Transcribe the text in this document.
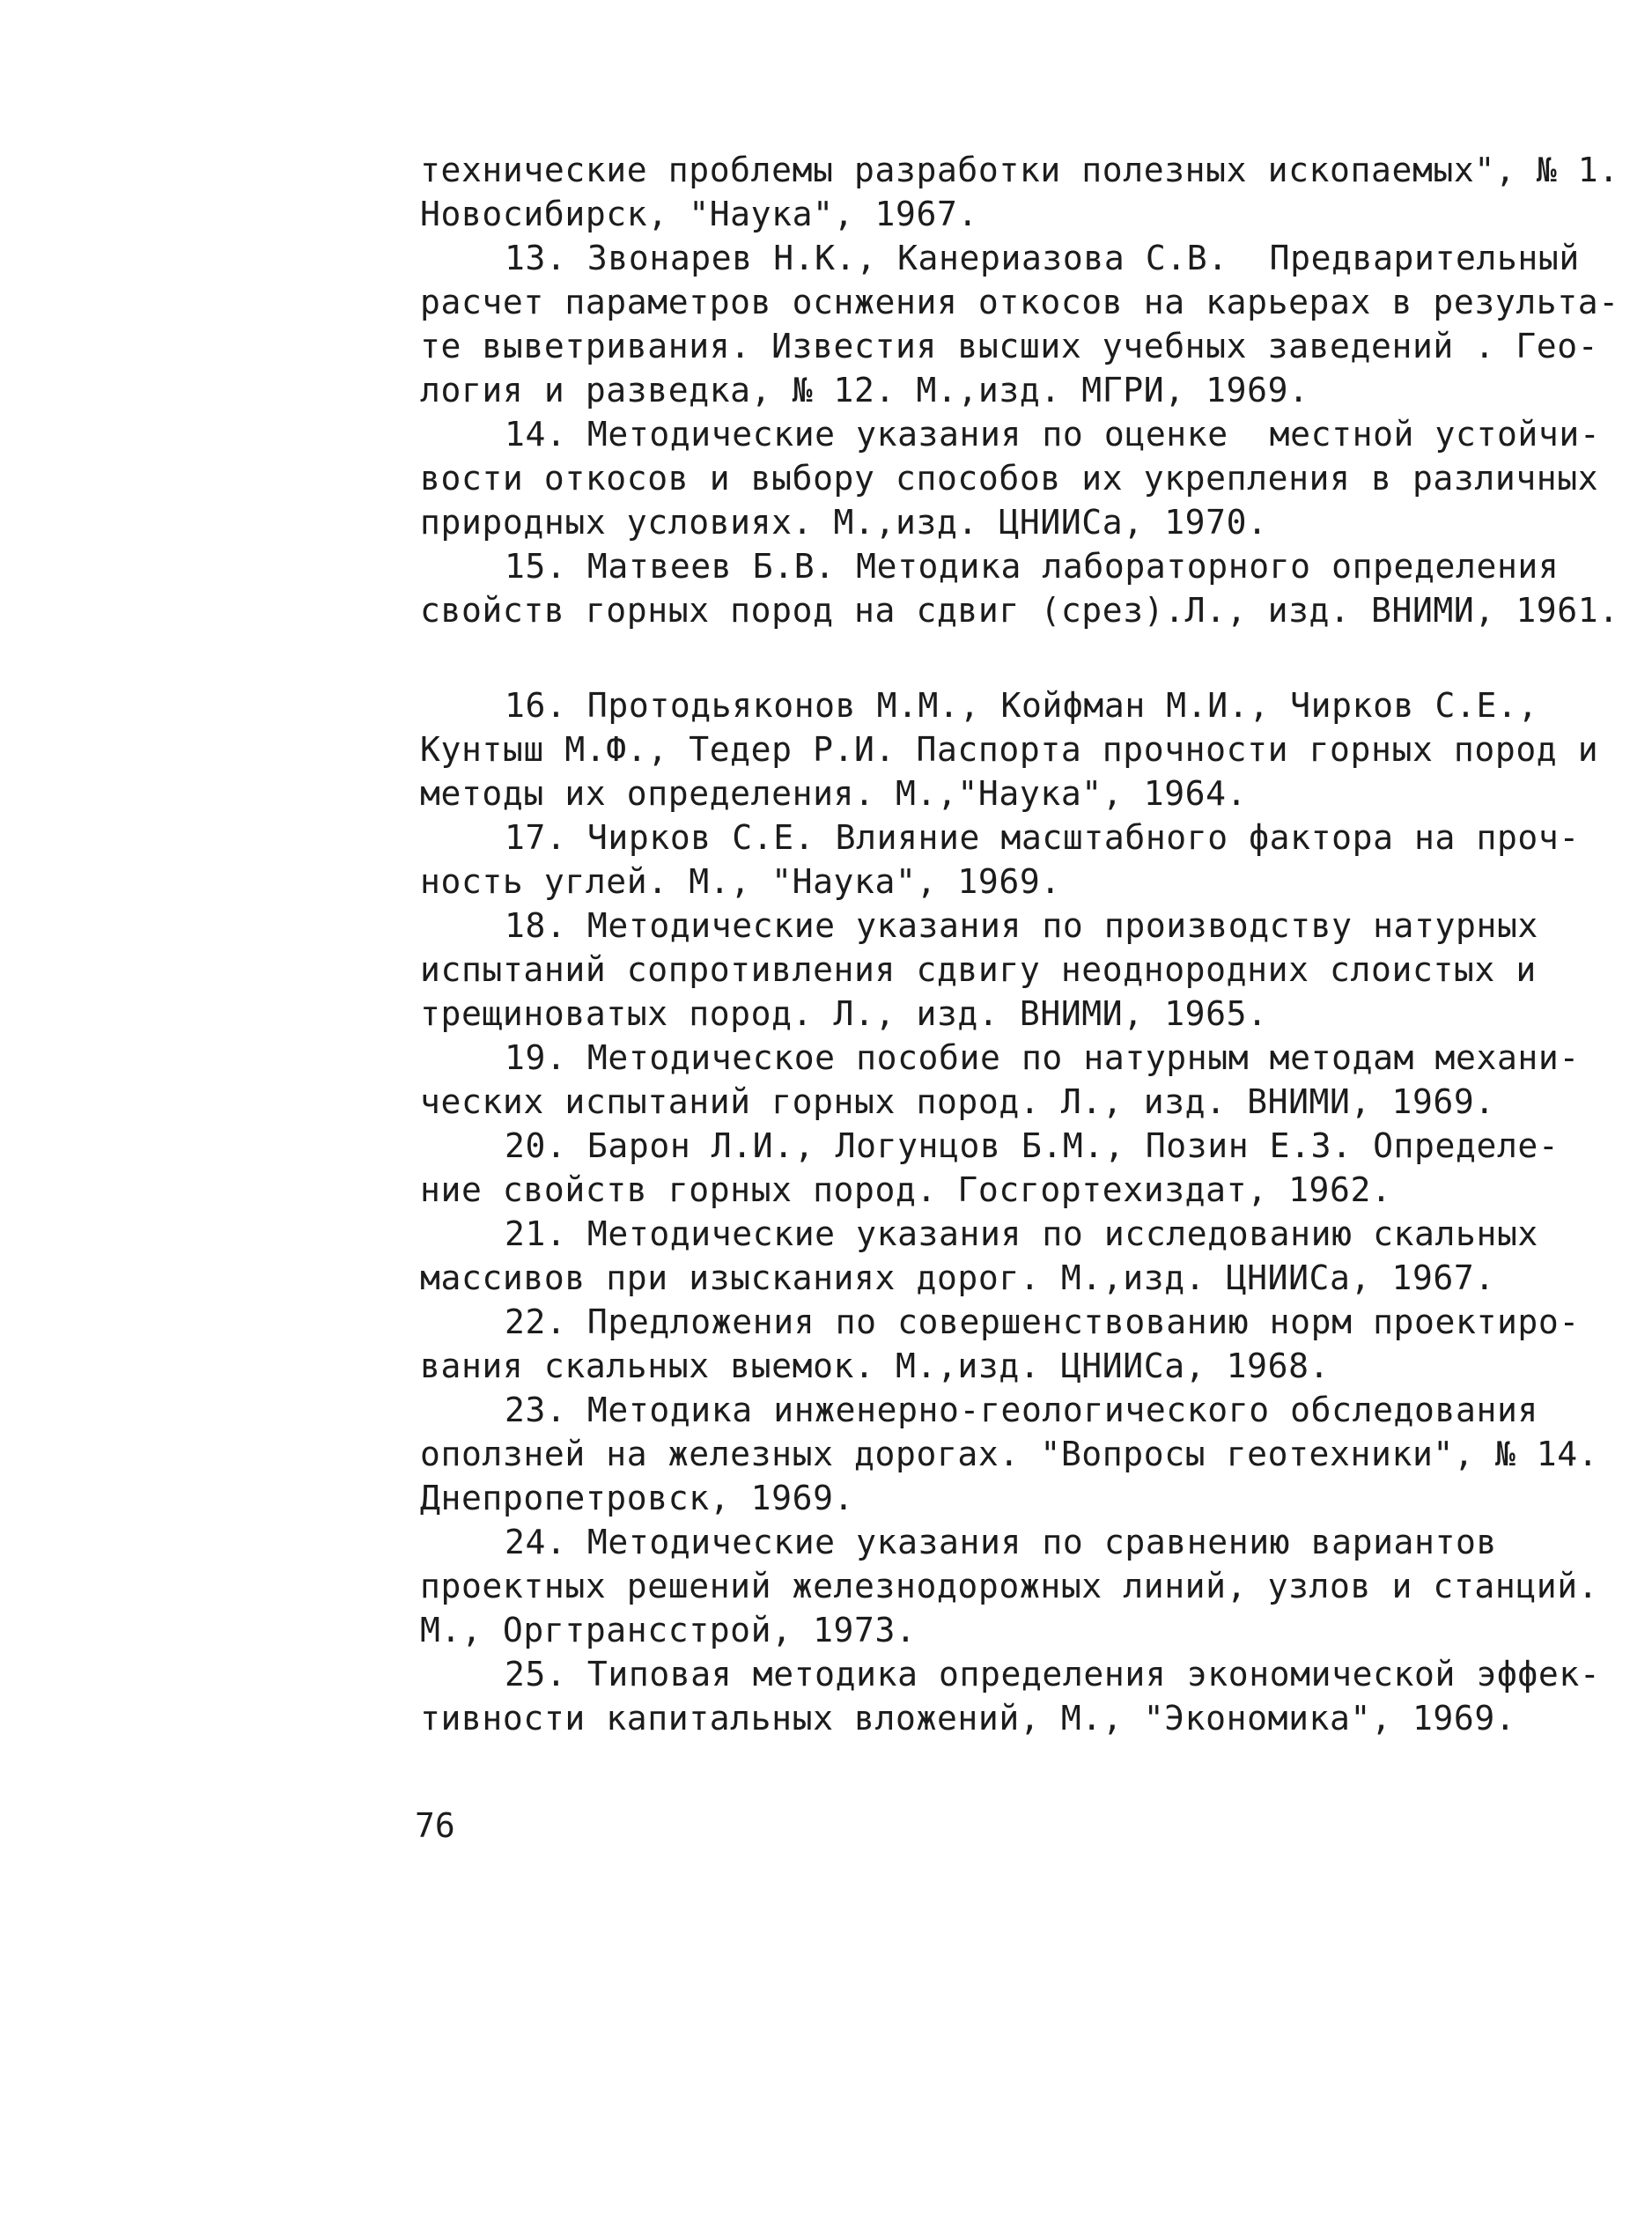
технические проблемы разработки полезных ископаемых", № 1.
Новосибирск, "Наука", 1967.
13. Звонарев Н.К., Канериазова С.В.  Предварительный
расчет параметров оснжения откосов на карьерах в результа-
те выветривания. Известия высших учебных заведений . Гео-
логия и разведка, № 12. М.,изд. МГРИ, 1969.
14. Методические указания по оценке  местной устойчи-
вости откосов и выбору способов их укрепления в различных
природных условиях. М.,изд. ЦНИИСа, 1970.
15. Матвеев Б.В. Методика лабораторного определения
свойств горных пород на сдвиг (срез).Л., изд. ВНИМИ, 1961.
16. Протодьяконов М.М., Койфман М.И., Чирков С.Е.,
Кунтыш М.Ф., Тедер Р.И. Паспорта прочности горных пород и
методы их определения. М.,"Наука", 1964.
17. Чирков С.Е. Влияние масштабного фактора на проч-
ность углей. М., "Наука", 1969.
18. Методические указания по производству натурных
испытаний сопротивления сдвигу неоднородних слоистых и
трещиноватых пород. Л., изд. ВНИМИ, 1965.
19. Методическое пособие по натурным методам механи-
ческих испытаний горных пород. Л., изд. ВНИМИ, 1969.
20. Барон Л.И., Логунцов Б.М., Позин Е.З. Определе-
ние свойств горных пород. Госгортехиздат, 1962.
21. Методические указания по исследованию скальных
массивов при изысканиях дорог. М.,изд. ЦНИИСа, 1967.
22. Предложения по совершенствованию норм проектиро-
вания скальных выемок. М.,изд. ЦНИИСа, 1968.
23. Методика инженерно-геологического обследования
оползней на железных дорогах. "Вопросы геотехники", № 14.
Днепропетровск, 1969.
24. Методические указания по сравнению вариантов
проектных решений железнодорожных линий, узлов и станций.
М., Оргтрансстрой, 1973.
25. Типовая методика определения экономической эффек-
тивности капитальных вложений, М., "Экономика", 1969.
76
